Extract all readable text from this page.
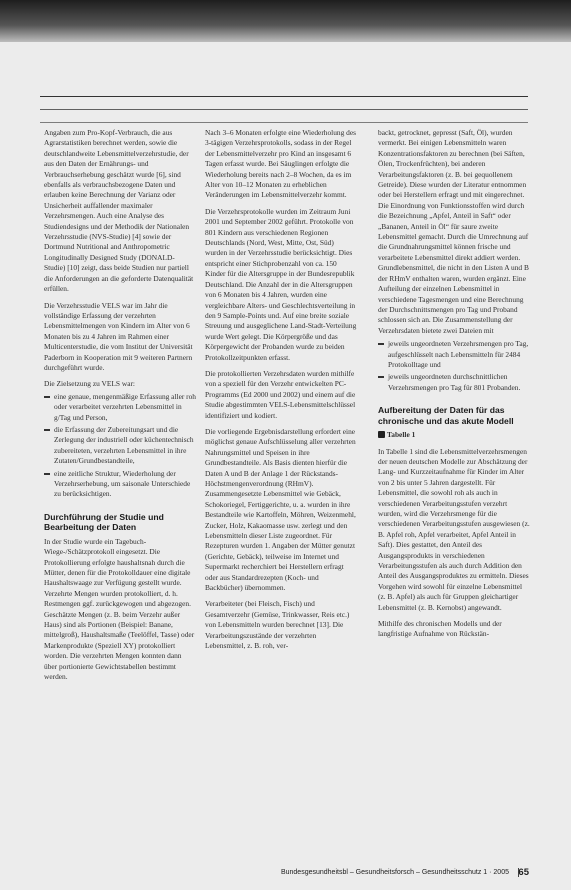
Angaben zum Pro-Kopf-Verbrauch, die aus Agrarstatistiken berechnet werden, sowie die deutschlandweite Lebensmittelverzehrstudie, der aus den Daten der Ernährungs- und Verbrauchserhebung geschätzt wurde [6], sind ebenfalls als verbrauchsbezogene Daten und erlauben keine Berechnung der Varianz oder Unsicherheit auffallender maximaler Verzehrsmengen. Auch eine Analyse des Studiendesigns und der Methodik der Nationalen Verzehrsstudie (NVS-Studie) [4] sowie der Dortmund Nutritional and Anthropometric Longitudinally Designed Study (DONALD-Studie) [10] zeigt, dass beide Studien nur partiell die Anforderungen an die geforderte Datenqualität erfüllen.

Die Verzehrsstudie VELS war im Jahr die vollständige Erfassung der verzehrten Lebensmittelmengen von Kindern im Alter von 6 Monaten bis zu 4 Jahren im Rahmen einer Multicenterstudie, die vom Institut der Universität Paderborn in Kooperation mit 9 weiteren Partnern durchgeführt wurde.

Die Zielsetzung zu VELS war:

eine genaue, mengenmäßige Erfassung aller roh oder verarbeitet verzehrten Lebensmittel in g/Tag und Person,
die Erfassung der Zubereitungsart und die Zerlegung der industriell oder küchentechnisch zubereiteten, verzehrten Lebensmittel in ihre Zutaten/Grundbestandteile,
eine zeitliche Struktur, Wiederholung der Verzehrserhebung, um saisonale Unterschiede zu berücksichtigen.
Durchführung der Studie und Bearbeitung der Daten

In der Studie wurde ein Tagebuch-Wiege-/Schätzprotokoll eingesetzt. Die Protokollierung erfolgte haushaltsnah durch die Mütter, denen für die Protokolldauer eine digitale Haushaltswaage zur Verfügung gestellt wurde. Verzehrte Mengen wurden protokolliert, d. h. Restmengen ggf. zurückgewogen und abgezogen. Geschätzte Mengen (z. B. beim Verzehr außer Haus) sind als Portionen (Beispiel: Banane, mittelgroß), Haushaltsmaße (Teelöffel, Tasse) oder Markenprodukte (Speziell XY) protokolliert worden. Die verzehrten Mengen konnten dann über portionierte Gewichtstabellen bestimmt werden.

Nach 3–6 Monaten erfolgte eine Wiederholung des 3-tägigen Verzehrsprotokolls, sodass in der Regel der Lebensmittelverzehr pro Kind an insgesamt 6 Tagen erfasst wurde. Bei Säuglingen erfolgte die Wiederholung bereits nach 2–8 Wochen, da es im Alter von 10–12 Monaten zu erheblichen Veränderungen im Lebensmittelverzehr kommt.

Die Verzehrsprotokolle wurden im Zeitraum Juni 2001 und September 2002 geführt. Protokolle von 801 Kindern aus verschiedenen Regionen Deutschlands (Nord, West, Mitte, Ost, Süd) wurden in der Verzehrsstudie berücksichtigt. Dies entspricht einer Stichprobenzahl von ca. 150 Kinder für die Altersgruppe in der Bundesrepublik Deutschland. Die Anzahl der in die Altersgruppen von 6 Monaten bis 4 Jahren, wurden eine vergleichbare Alters- und Geschlechtsverteilung in den 9 Sample-Points und. Auf eine breite soziale Streuung und ausgeglichene Land-Stadt-Verteilung wurde Wert gelegt. Die Körpergröße und das Körpergewicht der Probanden wurde zu beiden Protokollzeitpunkten erfasst.

Die protokollierten Verzehrsdaten wurden mithilfe von a speziell für den Verzehr entwickelten PC-Programms (Ed 2000 und 2002) und einem auf die Studie abgestimmten VELS-Lebensmittelschlüssel identifiziert und kodiert.

Die vorliegende Ergebnisdarstellung erfordert eine möglichst genaue Aufschlüsselung aller verzehrten Nahrungsmittel und Speisen in ihre Grundbestandteile. Als Basis dienten hierfür die Daten A und B der Anlage 1 der Rückstands-Höchstmengenverordnung (RHmV). Zusammengesetzte Lebensmittel wie Gebäck, Schokoriegel, Fertiggerichte, u. a. wurden in ihre Bestandteile wie Kartoffeln, Möhren, Weizenmehl, Zucker, Holz, Kakaomasse usw. zerlegt und den Lebensmitteln dieser Liste zugeordnet. Für Rezepturen wurden 1. Angaben der Mütter genutzt (Gerichte, Gebäck), teilweise im Internet und Supermarkt recherchiert bei Herstellern erfragt oder aus Standardrezepten (Koch- und Backbücher) übernommen.

Verarbeiteter (bei Fleisch, Fisch) und Gesamtverzehr (Gemüse, Trinkwasser, Reis etc.) von Lebensmitteln wurden berechnet [13]. Die Verarbeitungszustände der verzehrten Lebensmittel, z. B. roh, ver-

backt, getrocknet, gepresst (Saft, Öl), wurden vermerkt. Bei einigen Lebensmitteln waren Konzentrationsfaktoren zu berechnen (bei Säften, Ölen, Trockenfrüchten), bei anderen Verarbeitungsfaktoren (z. B. bei gequollenem Getreide). Diese wurden der Literatur entnommen oder bei Herstellern erfragt und mit eingerechnet. Die Einordnung von Funktionsstoffen wird durch die Bezeichnung „Apfel, Anteil in Saft“ oder „Bananen, Anteil in Öl“ für saure zweite Lebensmittel gemacht. Durch die Umrechnung auf die Grundnahrungsmittel können frische und verarbeitete Lebensmittel direkt addiert werden. Grundlebensmittel, die nicht in den Listen A und B der RHmV enthalten waren, wurden ergänzt. Eine Aufteilung der einzelnen Lebensmittel in verschiedene Tagesmengen und eine Berechnung der Durchschnittsmengen pro Tag und Proband schlossen sich an. Die Zusammenstellung der Verzehrsdaten bietete zwei Dateien mit

jeweils ungeordneten Verzehrsmengen pro Tag, aufgeschlüsselt nach Lebensmitteln für 2484 Protokolltage und
jeweils ungeordneten durchschnittlichen Verzehrsmengen pro Tag für 801 Probanden.
Aufbereitung der Daten für das chronische und das akute Modell

Tabelle 1

In Tabelle 1 sind die Lebensmittelverzehrsmengen der neuen deutschen Modelle zur Abschätzung der Lang- und Kurzzeitaufnahme für Kinder im Alter von 2 bis unter 5 Jahren dargestellt. Für Lebensmittel, die sowohl roh als auch in verschiedenen Verarbeitungsstufen verzehrt wurden, wird die Verzehrsmenge für die verschiedenen Verarbeitungsstufen ausgewiesen (z. B. Apfel roh, Apfel verarbeitet, Apfel Anteil in Saft). Dies gestattet, den Anteil des Ausgangsprodukts in verschiedenen Verarbeitungsstufen als auch durch Addition den Anteil des Ausgangsproduktes zu ermitteln. Dieses Vorgehen wird sowohl für einzelne Lebensmittel (z. B. Apfel) als auch für Gruppen gleichartiger Lebensmittel (z. B. Kernobst) angewandt.

Mithilfe des chronischen Modells und der langfristige Aufnahme von Rückstän-

Bundesgesundheitsbl – Gesundheitsforsch – Gesundheitsschutz 1 · 2005 65
